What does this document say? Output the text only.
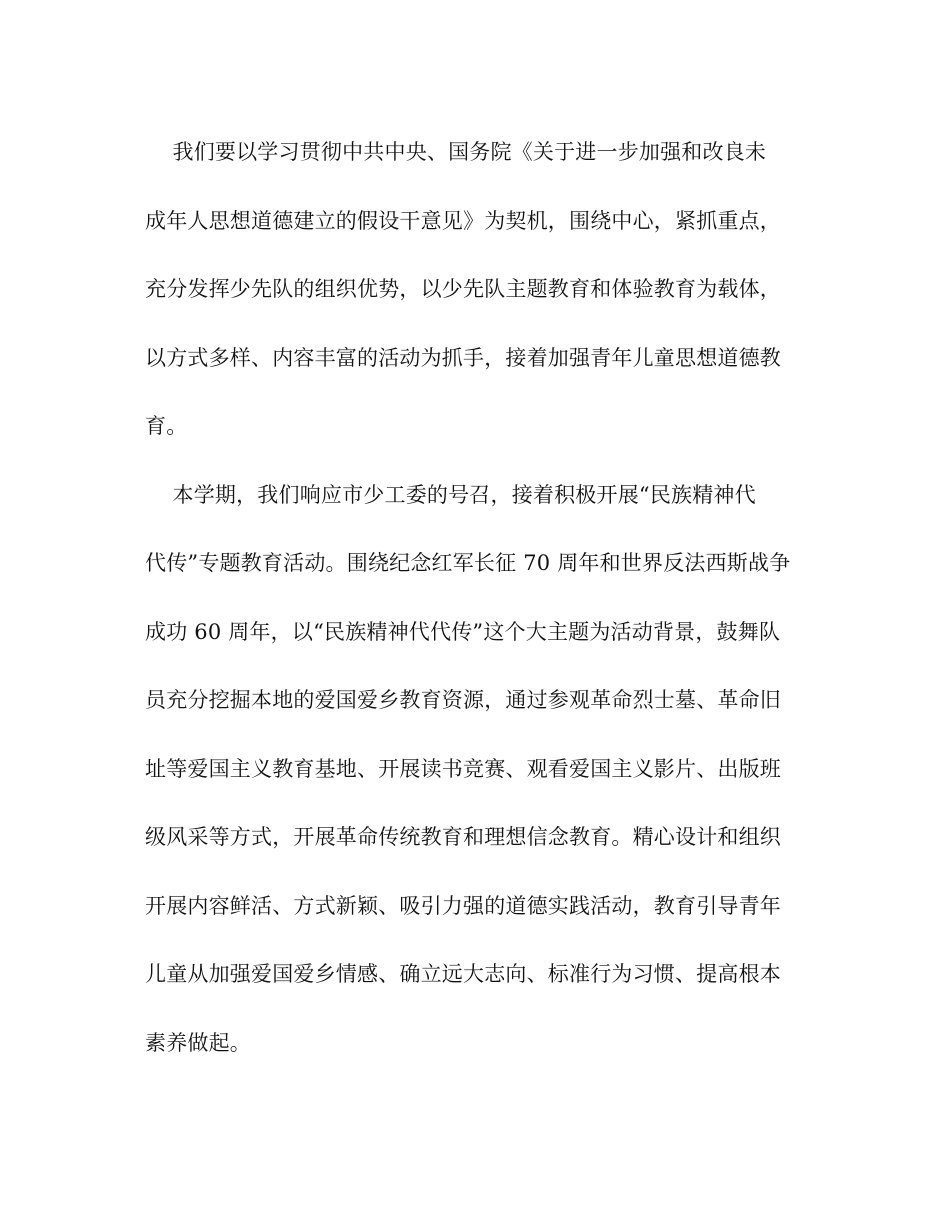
我们要以学习贯彻中共中央、国务院《关于进一步加强和改良未
成年人思想道德建立的假设干意见》为契机，围绕中心，紧抓重点，
充分发挥少先队的组织优势，以少先队主题教育和体验教育为载体，
以方式多样、内容丰富的活动为抓手，接着加强青年儿童思想道德教
育。
本学期，我们响应市少工委的号召，接着积极开展“民族精神代
代传”专题教育活动。围绕纪念红军长征 70 周年和世界反法西斯战争
成功 60 周年，以“民族精神代代传”这个大主题为活动背景，鼓舞队
员充分挖掘本地的爱国爱乡教育资源，通过参观革命烈士墓、革命旧
址等爱国主义教育基地、开展读书竞赛、观看爱国主义影片、出版班
级风采等方式，开展革命传统教育和理想信念教育。精心设计和组织
开展内容鲜活、方式新颖、吸引力强的道德实践活动，教育引导青年
儿童从加强爱国爱乡情感、确立远大志向、标准行为习惯、提高根本
素养做起。
